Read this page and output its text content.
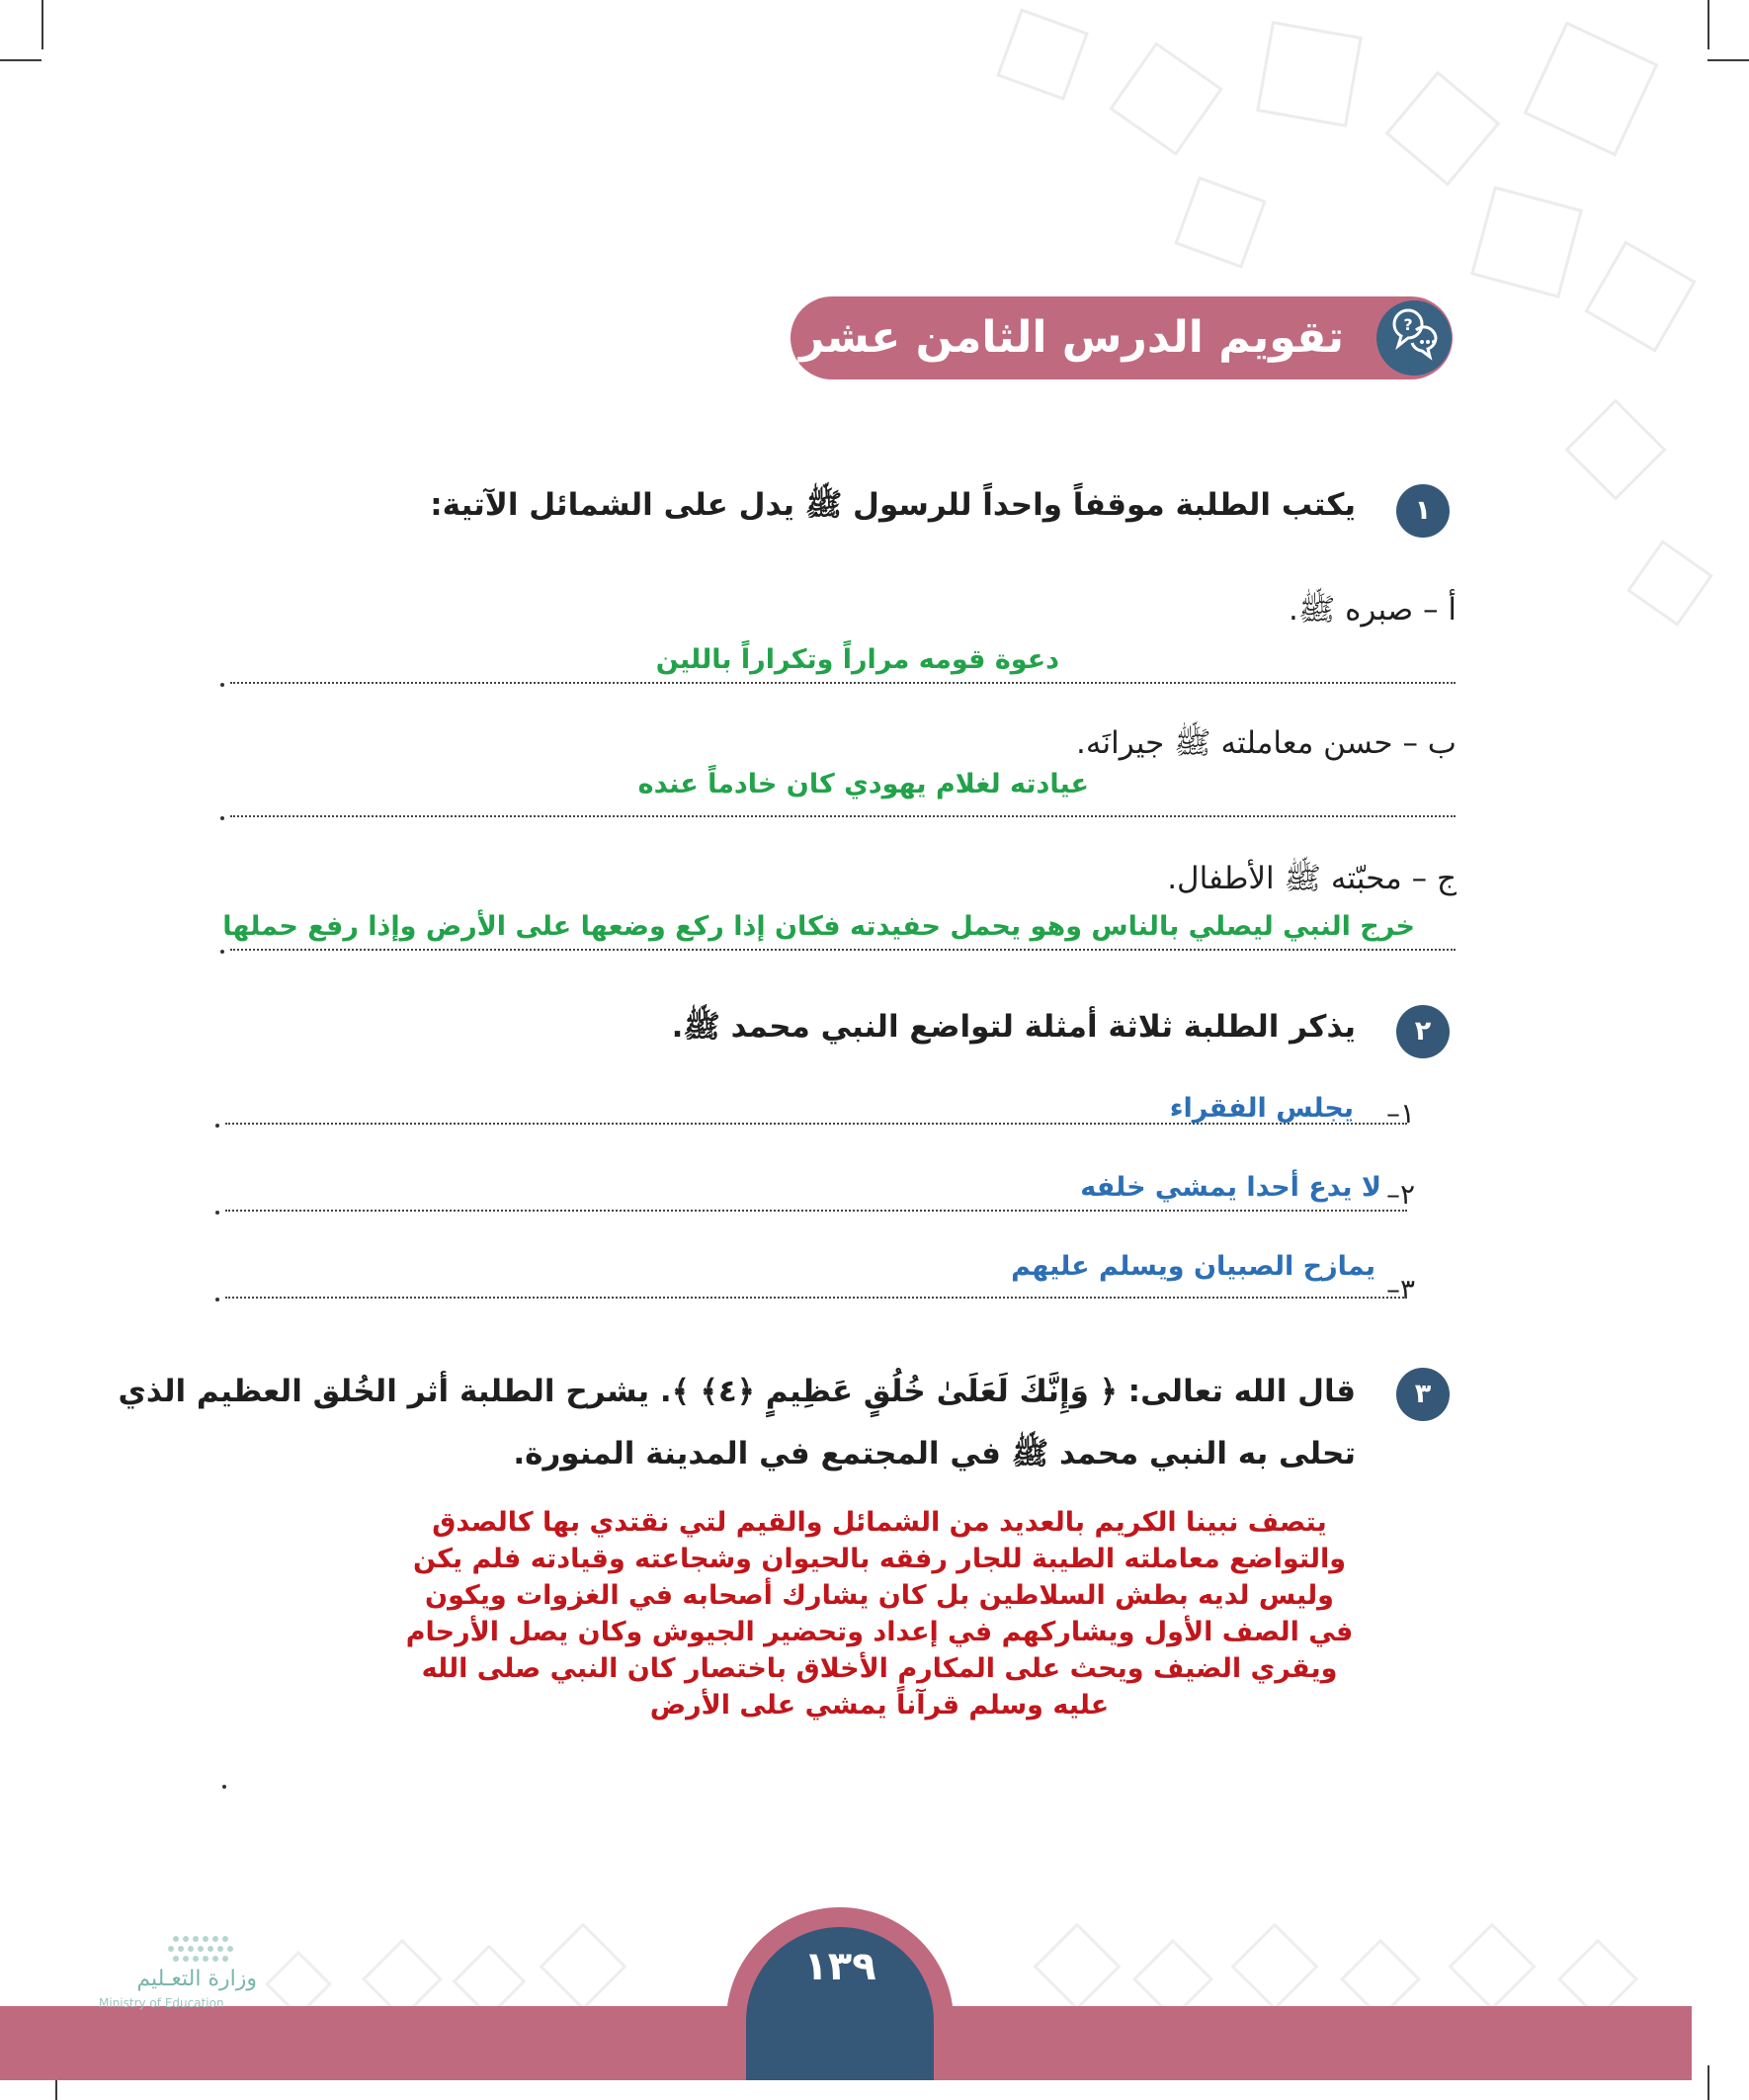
تقويم الدرس الثامن عشر	?
١
يكتب الطلبة موقفاً واحداً للرسول ﷺ يدل على الشمائل الآتية:
أ – صبره ﷺ.
دعوة قومه مراراً وتكراراً باللين
ب – حسن معاملته ﷺ جيرانَه.
عيادته لغلام يهودي كان خادماً عنده
ج – محبّته ﷺ الأطفال.
خرج النبي ليصلي بالناس وهو يحمل حفيدته فكان إذا ركع وضعها على الأرض وإذا رفع حملها
٢
يذكر الطلبة ثلاثة أمثلة لتواضع النبي محمد ﷺ.
١–
يجلس الفقراء
٢–
لا يدع أحدا يمشي خلفه
٣–
يمازح الصبيان ويسلم عليهم
٣
قال الله تعالى: ﴿ وَإِنَّكَ لَعَلَىٰ خُلُقٍ عَظِيمٍ ﴿٤﴾ ﴾. يشرح الطلبة أثر الخُلق العظيم الذي
تحلى به النبي محمد ﷺ في المجتمع في المدينة المنورة.
يتصف نبينا الكريم بالعديد من الشمائل والقيم لتي نقتدي بها كالصدق
والتواضع معاملته الطيبة للجار رفقه بالحيوان وشجاعته وقيادته فلم يكن
وليس لديه بطش السلاطين بل كان يشارك أصحابه في الغزوات ويكون
في الصف الأول ويشاركهم في إعداد وتحضير الجيوش وكان يصل الأرحام
ويقري الضيف ويحث على المكارم الأخلاق باختصار كان النبي صلى الله
عليه وسلم قرآناً يمشي على الأرض
١٣٩
وزارة التعـليم
Ministry of Education
